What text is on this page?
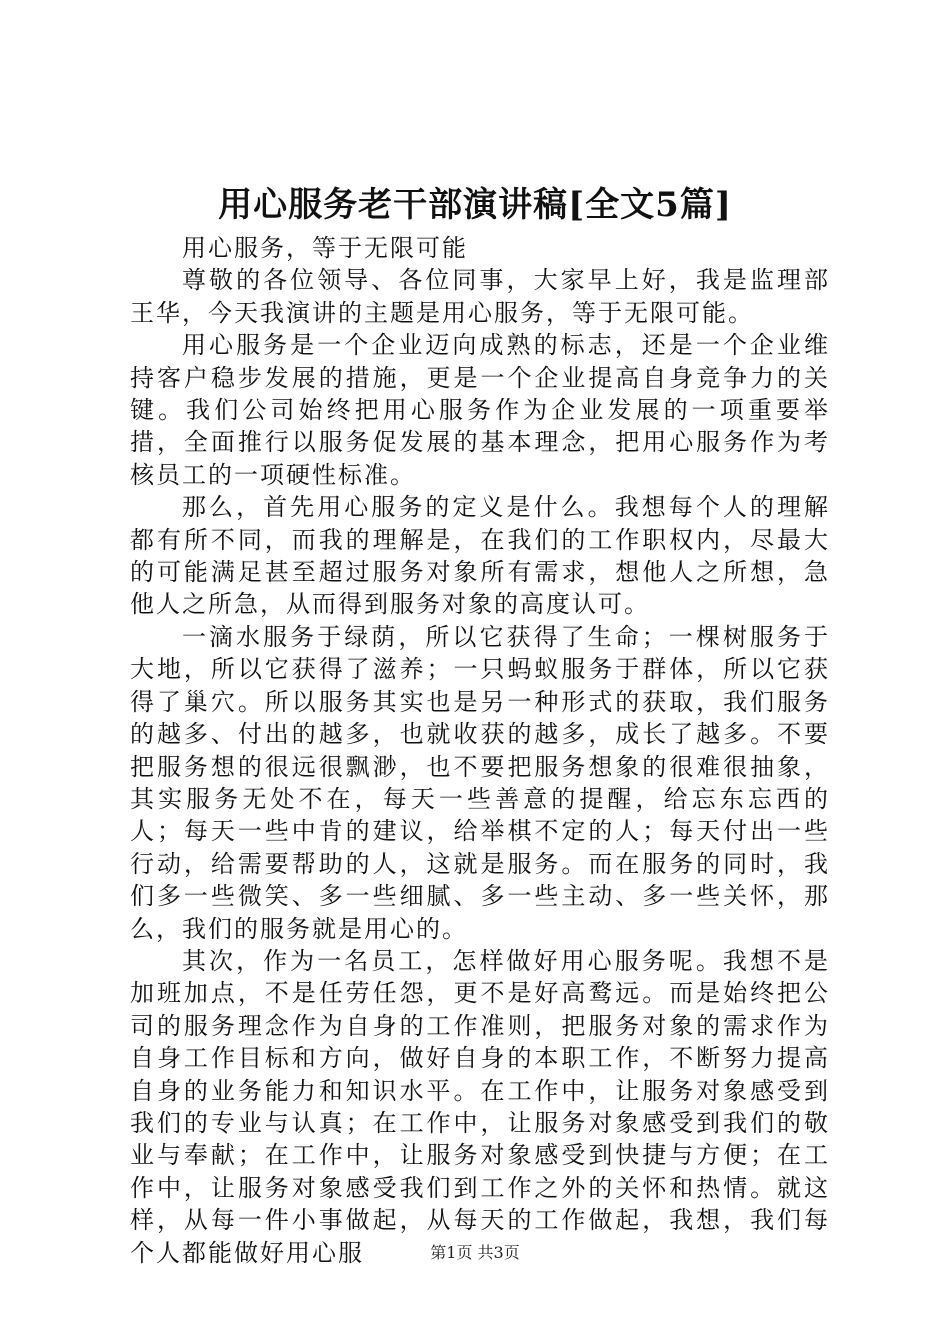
用心服务老干部演讲稿[全文5篇]

用心服务，等于无限可能

尊敬的各位领导、各位同事，大家早上好，我是监理部王华，今天我演讲的主题是用心服务，等于无限可能。

用心服务是一个企业迈向成熟的标志，还是一个企业维持客户稳步发展的措施，更是一个企业提高自身竞争力的关键。我们公司始终把用心服务作为企业发展的一项重要举措，全面推行以服务促发展的基本理念，把用心服务作为考核员工的一项硬性标准。

那么，首先用心服务的定义是什么。我想每个人的理解都有所不同，而我的理解是，在我们的工作职权内，尽最大的可能满足甚至超过服务对象所有需求，想他人之所想，急他人之所急，从而得到服务对象的高度认可。

一滴水服务于绿荫，所以它获得了生命；一棵树服务于大地，所以它获得了滋养；一只蚂蚁服务于群体，所以它获得了巢穴。所以服务其实也是另一种形式的获取，我们服务的越多、付出的越多，也就收获的越多，成长了越多。不要把服务想的很远很飘渺，也不要把服务想象的很难很抽象，其实服务无处不在，每天一些善意的提醒，给忘东忘西的人；每天一些中肯的建议，给举棋不定的人；每天付出一些行动，给需要帮助的人，这就是服务。而在服务的同时，我们多一些微笑、多一些细腻、多一些主动、多一些关怀，那么，我们的服务就是用心的。

其次，作为一名员工，怎样做好用心服务呢。我想不是加班加点，不是任劳任怨，更不是好高鹜远。而是始终把公司的服务理念作为自身的工作准则，把服务对象的需求作为自身工作目标和方向，做好自身的本职工作，不断努力提高自身的业务能力和知识水平。在工作中，让服务对象感受到我们的专业与认真；在工作中，让服务对象感受到我们的敬业与奉献；在工作中，让服务对象感受到快捷与方便；在工作中，让服务对象感受我们到工作之外的关怀和热情。就这样，从每一件小事做起，从每天的工作做起，我想，我们每个人都能做好用心服	第1页 共3页
